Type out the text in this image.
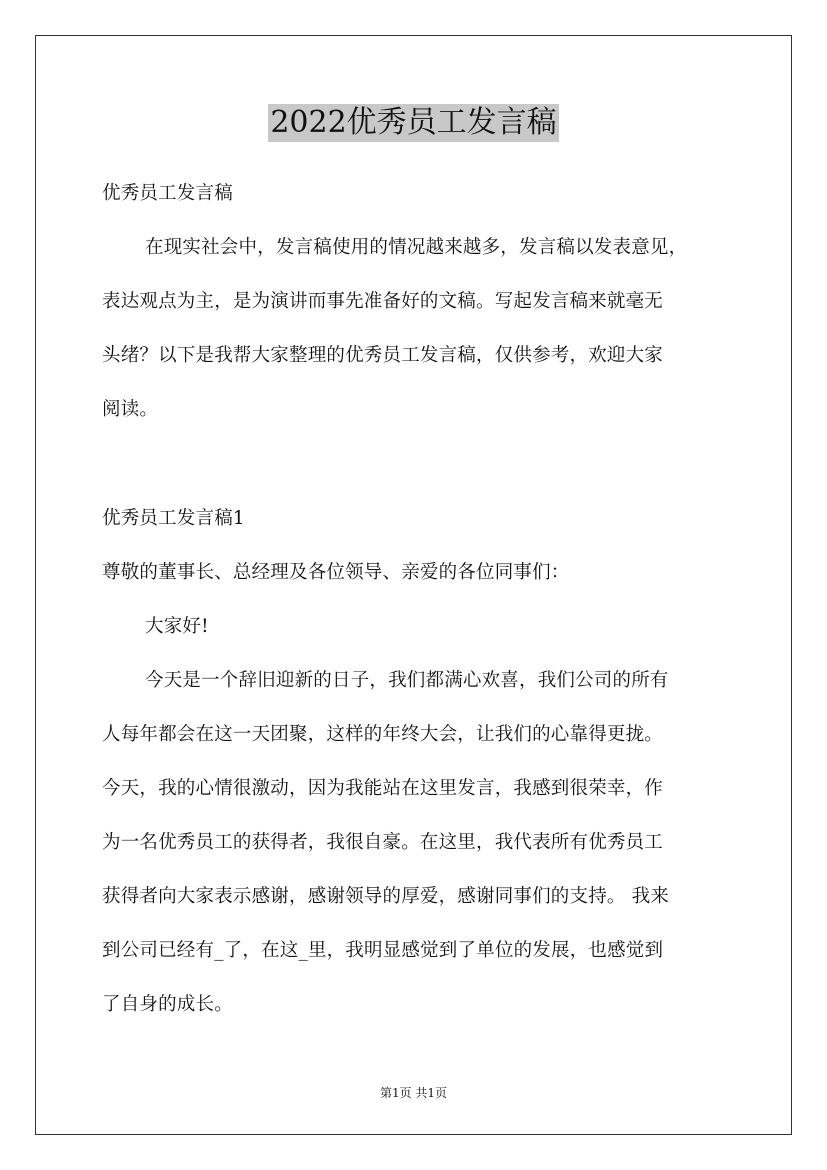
2022优秀员工发言稿
优秀员工发言稿
在现实社会中，发言稿使用的情况越来越多，发言稿以发表意见，
表达观点为主，是为演讲而事先准备好的文稿。写起发言稿来就毫无
头绪？以下是我帮大家整理的优秀员工发言稿，仅供参考，欢迎大家
阅读。
优秀员工发言稿1
尊敬的董事长、总经理及各位领导、亲爱的各位同事们：
大家好!
今天是一个辞旧迎新的日子，我们都满心欢喜，我们公司的所有
人每年都会在这一天团聚，这样的年终大会，让我们的心靠得更拢。
今天，我的心情很激动，因为我能站在这里发言，我感到很荣幸，作
为一名优秀员工的获得者，我很自豪。在这里，我代表所有优秀员工
获得者向大家表示感谢，感谢领导的厚爱，感谢同事们的支持。 我来
到公司已经有_了，在这_里，我明显感觉到了单位的发展，也感觉到
了自身的成长。
第1页 共1页
